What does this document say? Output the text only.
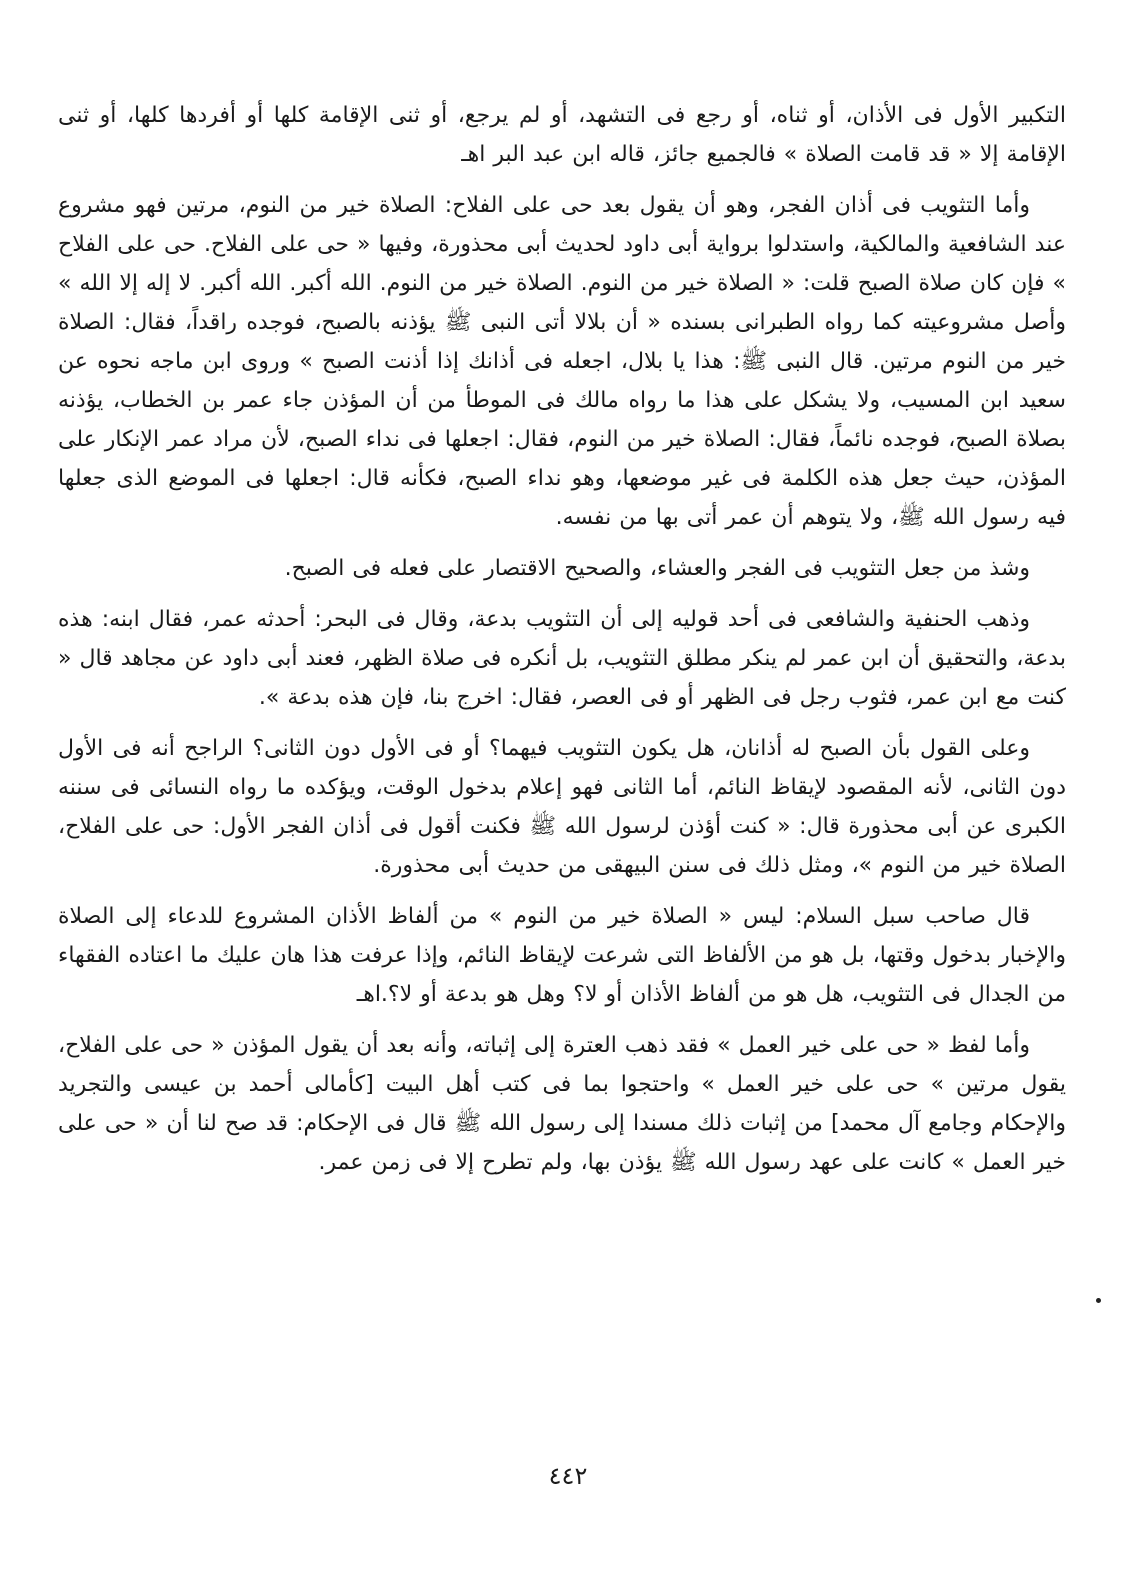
التكبير الأول فى الأذان، أو ثناه، أو رجع فى التشهد، أو لم يرجع، أو ثنى الإقامة كلها أو أفردها كلها، أو ثنى الإقامة إلا « قد قامت الصلاة » فالجميع جائز، قاله ابن عبد البر اهـ

وأما التثويب فى أذان الفجر، وهو أن يقول بعد حى على الفلاح: الصلاة خير من النوم، مرتين فهو مشروع عند الشافعية والمالكية، واستدلوا برواية أبى داود لحديث أبى محذورة، وفيها « حى على الفلاح. حى على الفلاح » فإن كان صلاة الصبح قلت: « الصلاة خير من النوم. الصلاة خير من النوم. الله أكبر. الله أكبر. لا إله إلا الله » وأصل مشروعيته كما رواه الطبرانى بسنده « أن بلالا أتى النبى ﷺ يؤذنه بالصبح، فوجده راقداً، فقال: الصلاة خير من النوم مرتين. قال النبى ﷺ: هذا يا بلال، اجعله فى أذانك إذا أذنت الصبح » وروى ابن ماجه نحوه عن سعيد ابن المسيب، ولا يشكل على هذا ما رواه مالك فى الموطأ من أن المؤذن جاء عمر بن الخطاب، يؤذنه بصلاة الصبح، فوجده نائماً، فقال: الصلاة خير من النوم، فقال: اجعلها فى نداء الصبح، لأن مراد عمر الإنكار على المؤذن، حيث جعل هذه الكلمة فى غير موضعها، وهو نداء الصبح، فكأنه قال: اجعلها فى الموضع الذى جعلها فيه رسول الله ﷺ، ولا يتوهم أن عمر أتى بها من نفسه.

وشذ من جعل التثويب فى الفجر والعشاء، والصحيح الاقتصار على فعله فى الصبح.

وذهب الحنفية والشافعى فى أحد قوليه إلى أن التثويب بدعة، وقال فى البحر: أحدثه عمر، فقال ابنه: هذه بدعة، والتحقيق أن ابن عمر لم ينكر مطلق التثويب، بل أنكره فى صلاة الظهر، فعند أبى داود عن مجاهد قال « كنت مع ابن عمر، فثوب رجل فى الظهر أو فى العصر، فقال: اخرج بنا، فإن هذه بدعة ».

وعلى القول بأن الصبح له أذانان، هل يكون التثويب فيهما؟ أو فى الأول دون الثانى؟ الراجح أنه فى الأول دون الثانى، لأنه المقصود لإيقاظ النائم، أما الثانى فهو إعلام بدخول الوقت، ويؤكده ما رواه النسائى فى سننه الكبرى عن أبى محذورة قال: « كنت أؤذن لرسول الله ﷺ فكنت أقول فى أذان الفجر الأول: حى على الفلاح، الصلاة خير من النوم »، ومثل ذلك فى سنن البيهقى من حديث أبى محذورة.

قال صاحب سبل السلام: ليس « الصلاة خير من النوم » من ألفاظ الأذان المشروع للدعاء إلى الصلاة والإخبار بدخول وقتها، بل هو من الألفاظ التى شرعت لإيقاظ النائم، وإذا عرفت هذا هان عليك ما اعتاده الفقهاء من الجدال فى التثويب، هل هو من ألفاظ الأذان أو لا؟ وهل هو بدعة أو لا؟.اهـ

وأما لفظ « حى على خير العمل » فقد ذهب العترة إلى إثباته، وأنه بعد أن يقول المؤذن « حى على الفلاح، يقول مرتين » حى على خير العمل » واحتجوا بما فى كتب أهل البيت [كأمالى أحمد بن عيسى والتجريد والإحكام وجامع آل محمد] من إثبات ذلك مسندا إلى رسول الله ﷺ قال فى الإحكام: قد صح لنا أن « حى على خير العمل » كانت على عهد رسول الله ﷺ يؤذن بها، ولم تطرح إلا فى زمن عمر.

٤٤٢
